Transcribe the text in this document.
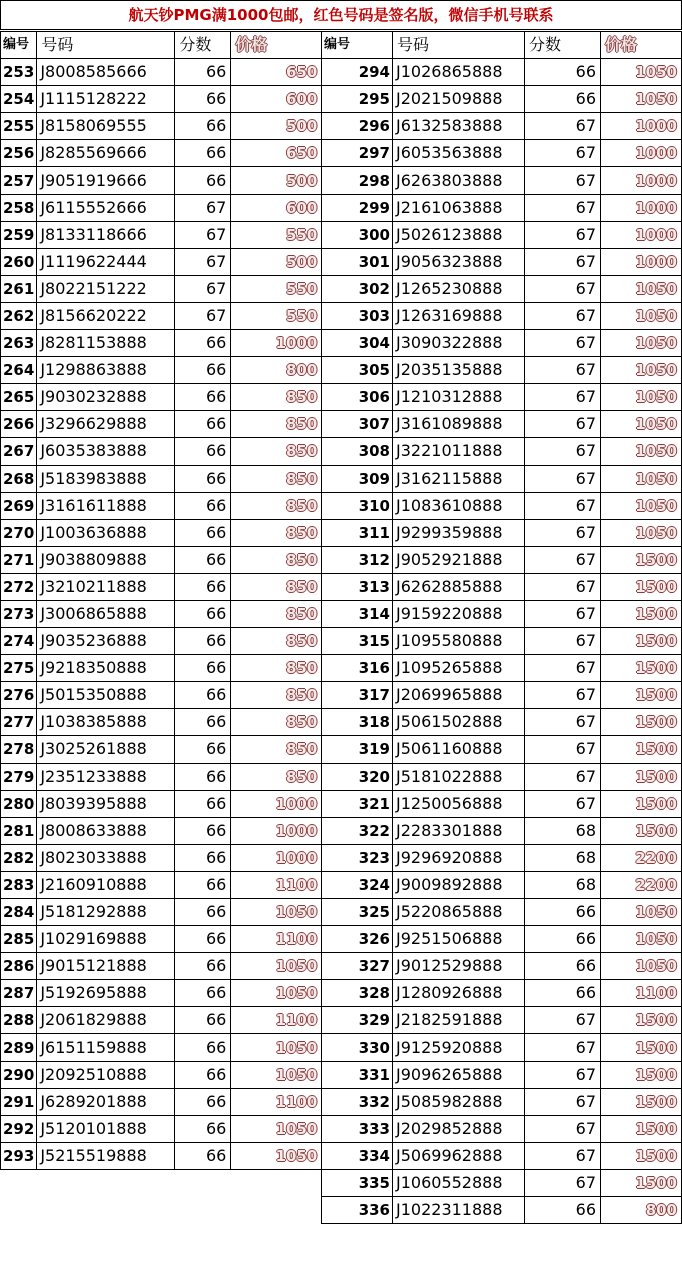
航天钞PMG满1000包邮，红色号码是签名版，微信手机号联系
编号	号码	分数	价格
253	J8008585666	66	650
254	J1115128222	66	600
255	J8158069555	66	500
256	J8285569666	66	650
257	J9051919666	66	500
258	J6115552666	67	600
259	J8133118666	67	550
260	J1119622444	67	500
261	J8022151222	67	550
262	J8156620222	67	550
263	J8281153888	66	1000
264	J1298863888	66	800
265	J9030232888	66	850
266	J3296629888	66	850
267	J6035383888	66	850
268	J5183983888	66	850
269	J3161611888	66	850
270	J1003636888	66	850
271	J9038809888	66	850
272	J3210211888	66	850
273	J3006865888	66	850
274	J9035236888	66	850
275	J9218350888	66	850
276	J5015350888	66	850
277	J1038385888	66	850
278	J3025261888	66	850
279	J2351233888	66	850
280	J8039395888	66	1000
281	J8008633888	66	1000
282	J8023033888	66	1000
283	J2160910888	66	1100
284	J5181292888	66	1050
285	J1029169888	66	1100
286	J9015121888	66	1050
287	J5192695888	66	1050
288	J2061829888	66	1100
289	J6151159888	66	1050
290	J2092510888	66	1050
291	J6289201888	66	1100
292	J5120101888	66	1050
293	J5215519888	66	1050
编号	号码	分数	价格
294	J1026865888	66	1050
295	J2021509888	66	1050
296	J6132583888	67	1000
297	J6053563888	67	1000
298	J6263803888	67	1000
299	J2161063888	67	1000
300	J5026123888	67	1000
301	J9056323888	67	1000
302	J1265230888	67	1050
303	J1263169888	67	1050
304	J3090322888	67	1050
305	J2035135888	67	1050
306	J1210312888	67	1050
307	J3161089888	67	1050
308	J3221011888	67	1050
309	J3162115888	67	1050
310	J1083610888	67	1050
311	J9299359888	67	1050
312	J9052921888	67	1500
313	J6262885888	67	1500
314	J9159220888	67	1500
315	J1095580888	67	1500
316	J1095265888	67	1500
317	J2069965888	67	1500
318	J5061502888	67	1500
319	J5061160888	67	1500
320	J5181022888	67	1500
321	J1250056888	67	1500
322	J2283301888	68	1500
323	J9296920888	68	2200
324	J9009892888	68	2200
325	J5220865888	66	1050
326	J9251506888	66	1050
327	J9012529888	66	1050
328	J1280926888	66	1100
329	J2182591888	67	1500
330	J9125920888	67	1500
331	J9096265888	67	1500
332	J5085982888	67	1500
333	J2029852888	67	1500
334	J5069962888	67	1500
335	J1060552888	67	1500
336	J1022311888	66	800
